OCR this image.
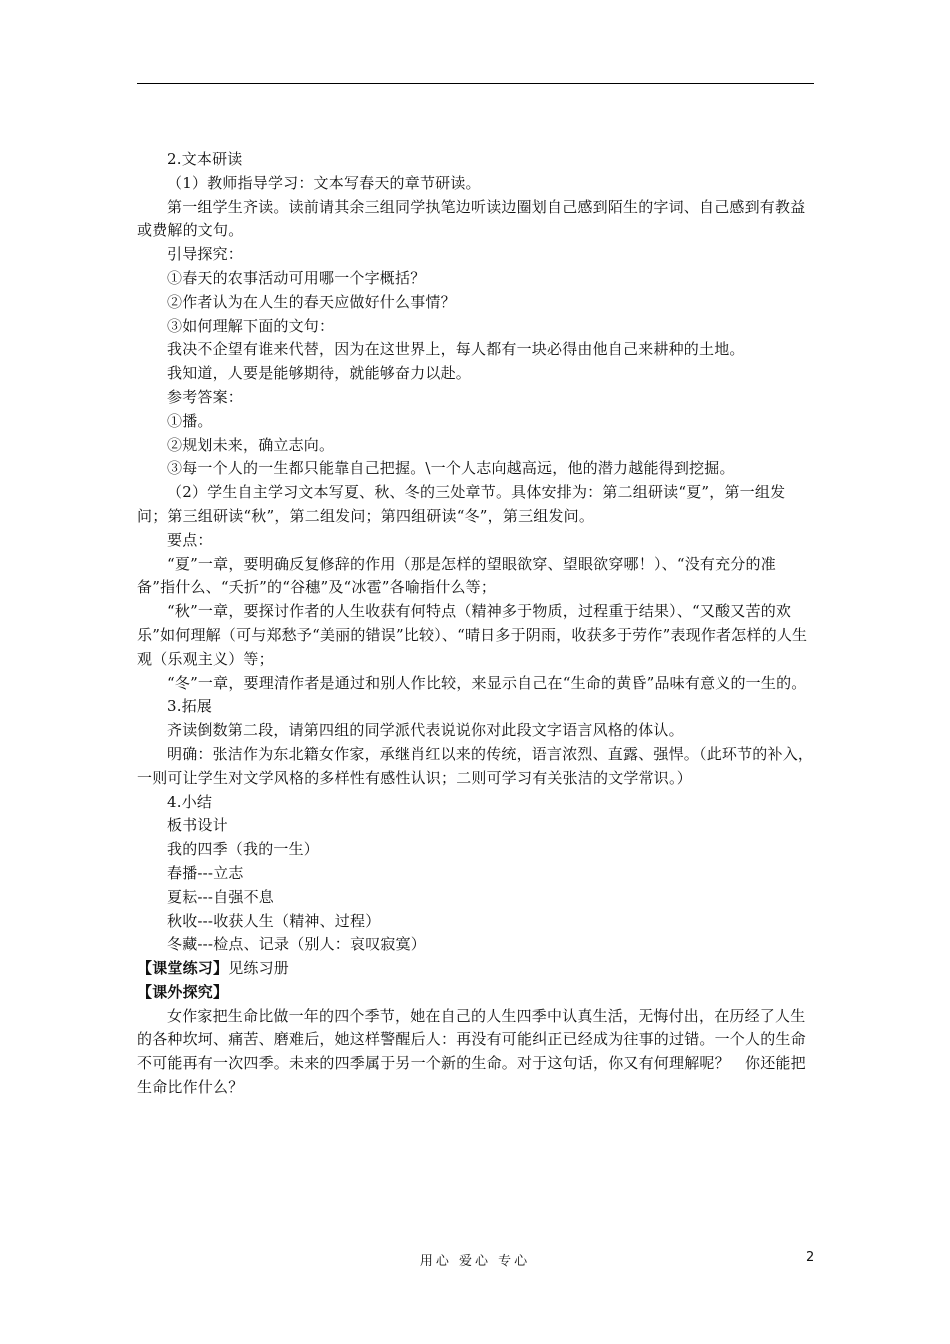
2.文本研读

（1）教师指导学习：文本写春天的章节研读。

第一组学生齐读。读前请其余三组同学执笔边听读边圈划自己感到陌生的字词、自己感到有教益或费解的文句。

引导探究：

①春天的农事活动可用哪一个字概括？

②作者认为在人生的春天应做好什么事情？

③如何理解下面的文句：

我决不企望有谁来代替，因为在这世界上，每人都有一块必得由他自己来耕种的土地。

我知道，人要是能够期待，就能够奋力以赴。

参考答案：

①播。

②规划未来，确立志向。

③每一个人的一生都只能靠自己把握。\一个人志向越高远，他的潜力越能得到挖掘。

（2）学生自主学习文本写夏、秋、冬的三处章节。具体安排为：第二组研读“夏”，第一组发问；第三组研读“秋”，第二组发问；第四组研读“冬”，第三组发问。

要点：

“夏”一章，要明确反复修辞的作用（那是怎样的望眼欲穿、望眼欲穿哪！）、“没有充分的准备”指什么、“夭折”的“谷穗”及“冰雹”各喻指什么等；

“秋”一章，要探讨作者的人生收获有何特点（精神多于物质，过程重于结果）、“又酸又苦的欢乐”如何理解（可与郑愁予“美丽的错误”比较）、“晴日多于阴雨，收获多于劳作”表现作者怎样的人生观（乐观主义）等；

“冬”一章，要理清作者是通过和别人作比较，来显示自己在“生命的黄昏”品味有意义的一生的。

3.拓展

齐读倒数第二段，请第四组的同学派代表说说你对此段文字语言风格的体认。

明确：张洁作为东北籍女作家，承继肖红以来的传统，语言浓烈、直露、强悍。（此环节的补入，一则可让学生对文学风格的多样性有感性认识；二则可学习有关张洁的文学常识。）

4.小结

板书设计

我的四季（我的一生）

春播---立志

夏耘---自强不息

秋收---收获人生（精神、过程）

冬藏---检点、记录（别人：哀叹寂寞）

【课堂练习】见练习册

【课外探究】

女作家把生命比做一年的四个季节，她在自己的人生四季中认真生活，无悔付出，在历经了人生的各种坎坷、痛苦、磨难后，她这样警醒后人：再没有可能纠正已经成为往事的过错。一个人的生命不可能再有一次四季。未来的四季属于另一个新的生命。对于这句话，你又有何理解呢？　你还能把生命比作什么？

用心 爱心 专心	2
